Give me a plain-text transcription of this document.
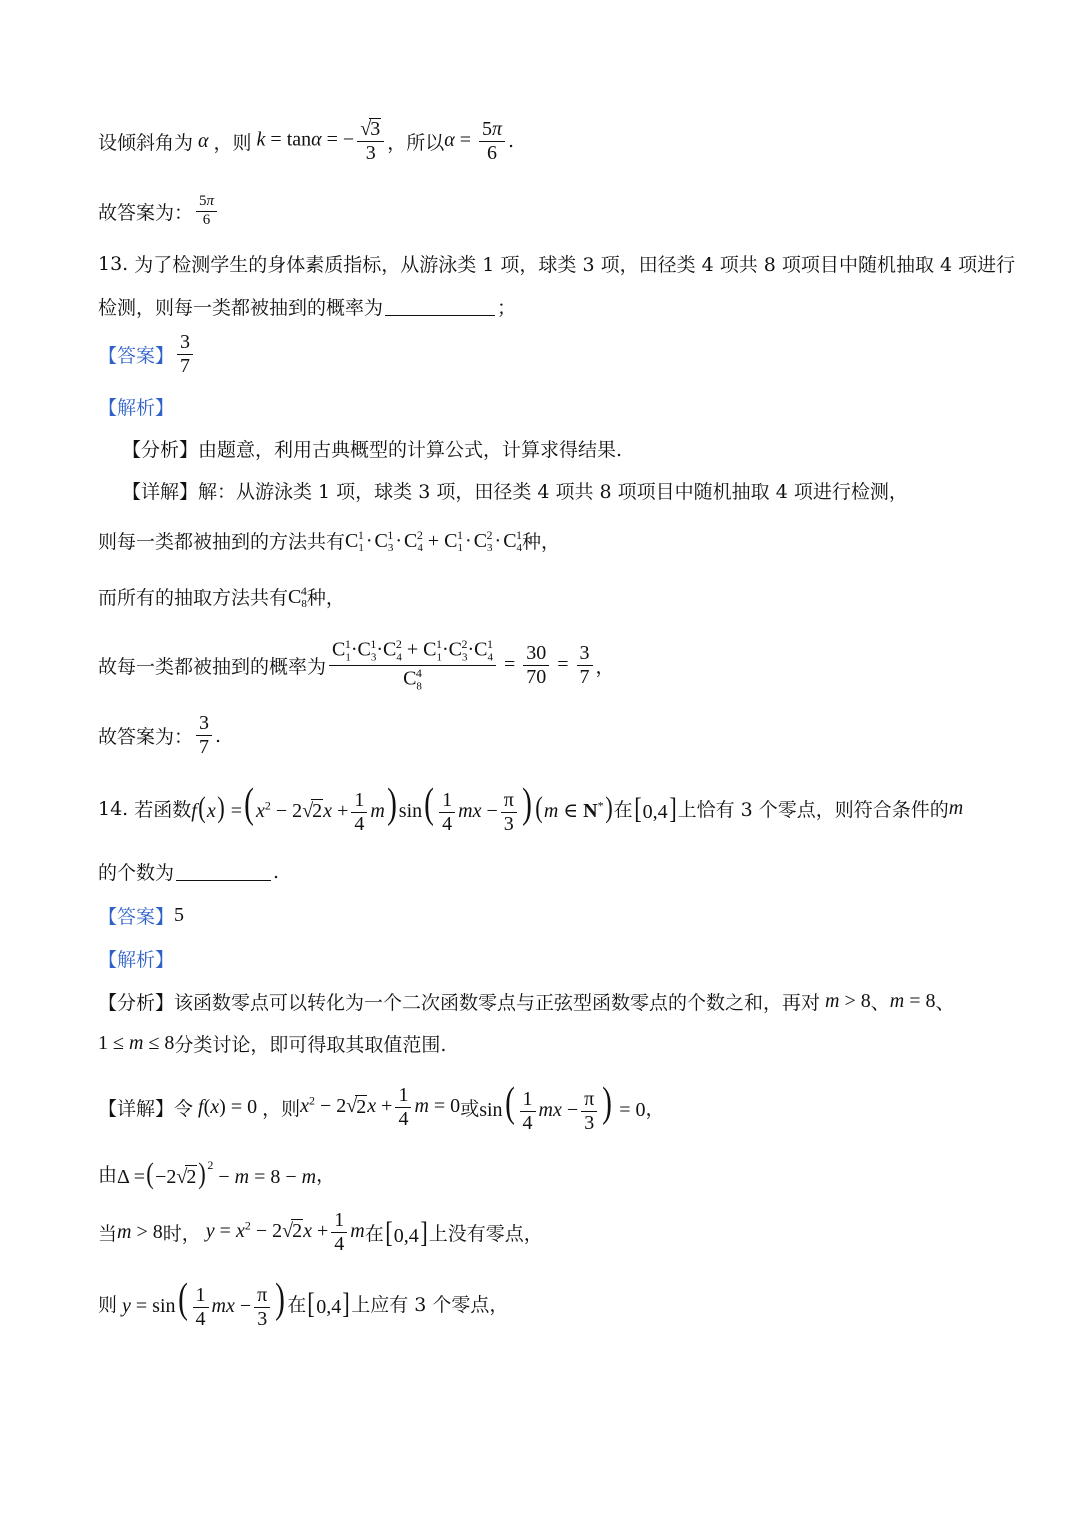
设倾斜角为 α ，则 k = tanα = − $\frac{√3}{3}$ ，所以 $\alpha = \frac{5\pi}{6}$ .
故答案为： $\frac{5\pi}{6}$
13.
为了检测学生的身体素质指标，从游泳类 1 项，球类 3 项，田径类 4 项共 8 项项目中随机抽取 4 项进行
检测，则每一类都被抽到的概率为	；
【答案】 $\frac{3}{7}$
【解析】
【分析】 由题意，利用古典概型的计算公式，计算求得结果.
【详解】 解：从游泳类 1 项，球类 3 项，田径类 4 项共 8 项项目中随机抽取 4 项进行检测，
则每一类都被抽到的方法共有 $C_1^1 \cdot C_3^1 \cdot C_4^2 + C_1^1 \cdot C_3^2 \cdot C_4^1$ 种，
而所有的抽取方法共有 $C_8^4$ 种，
故每一类都被抽到的概率为 $\frac{C_1^1\cdot C_3^1\cdot C_4^2 + C_1^1\cdot C_3^2\cdot C_4^1}{C_8^4} = \frac{30}{70} = \frac{3}{7}$ ，
故答案为： $\frac{3}{7}$ .
14.
若函数 f(x) =( $x^2 - 2√2x + \frac{1}{4} m$) $\sin( \frac{1}{4}$ mx − $\frac{\pi}{3}$ ) (m ∈ N*) 在 [0,4] 上恰有 3 个零点，则符合条件的 m
的个数为	.
【答案】 5
【解析】
【分析】 该函数零点可以转化为一个二次函数零点与正弦型函数零点的个数之和，再对 m > 8 、 m = 8 、
1 ≤ m ≤ 8 分类讨论，即可得取其取值范围.
【详解】 令 f(x) = 0 ，则 $x^2 - 2√2x + \frac{1}{4}$ m = 0 或 $\sin( \frac{1}{4}$ mx − $\frac{\pi}{3}$ ) = 0 ，
由 $\Delta =(-2√2)^2 - m = 8 - m$ ，
当 m > 8 时， $y = x^2 - 2√2x + \frac{1}{4}$ m 在 [0,4] 上没有零点，
则 $y = \sin( \frac{1}{4}$ mx − $\frac{\pi}{3}$ ) 在 [0,4] 上应有 3 个零点，
